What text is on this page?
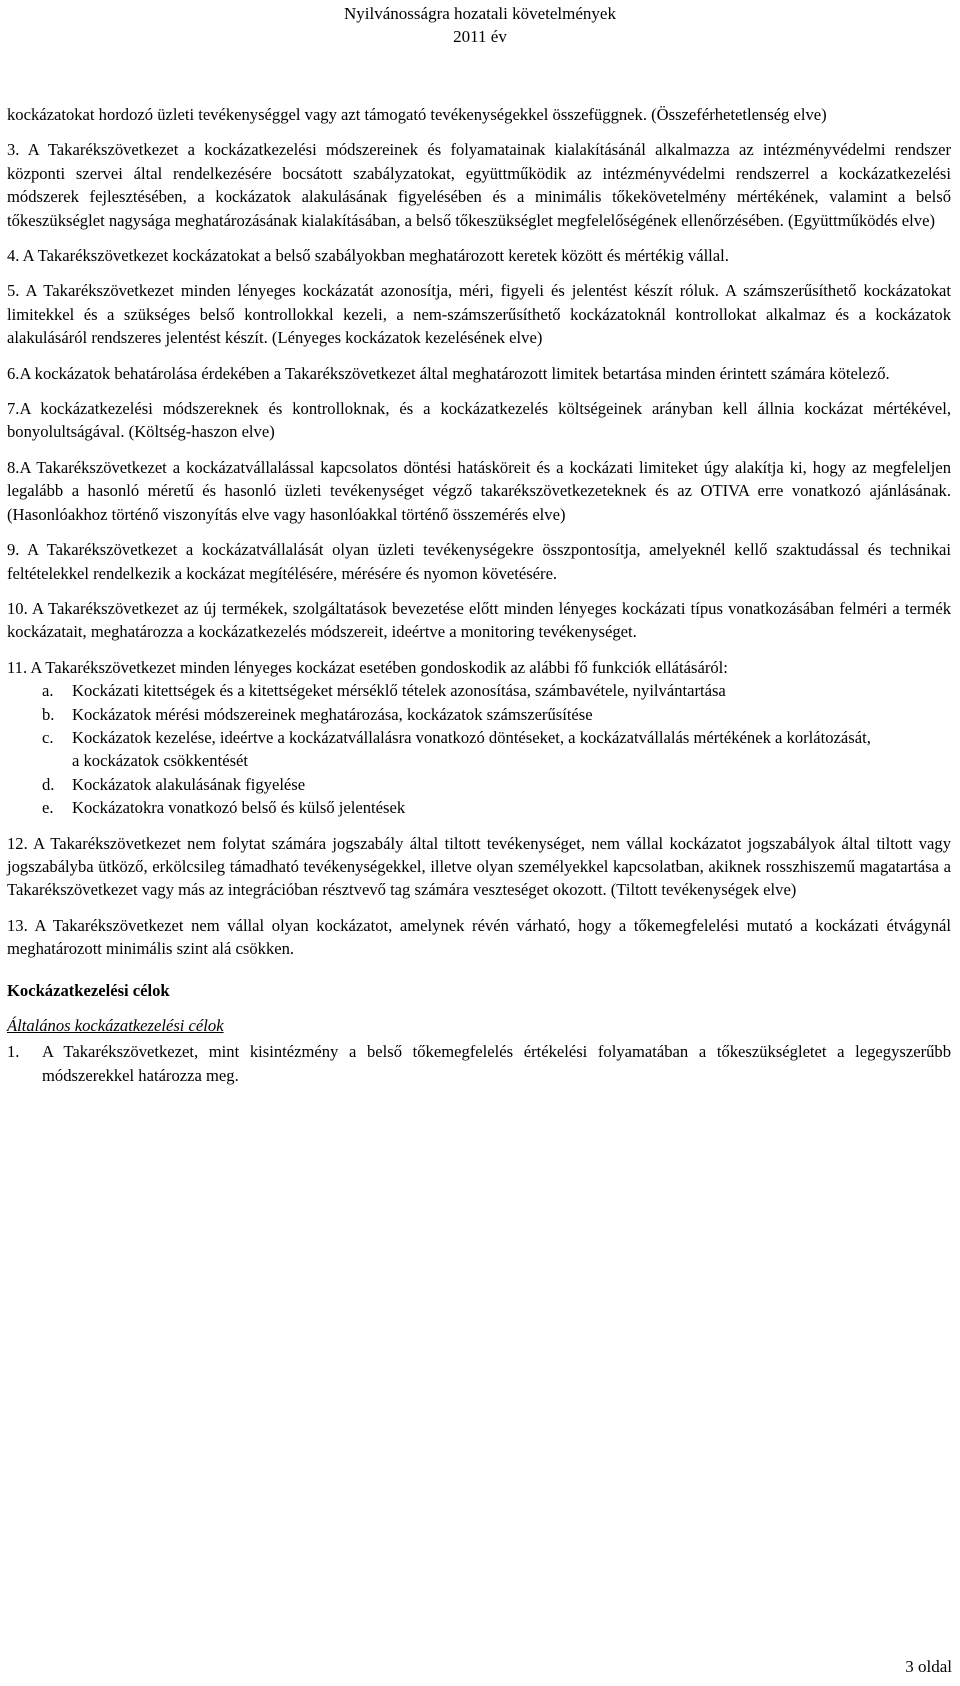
Nyilvánosságra hozatali követelmények
2011 év

kockázatokat hordozó üzleti tevékenységgel vagy azt támogató tevékenységekkel összefüggnek. (Összeférhetetlenség elve)

3. A Takarékszövetkezet a kockázatkezelési módszereinek és folyamatainak kialakításánál alkalmazza az intézményvédelmi rendszer központi szervei által rendelkezésére bocsátott szabályzatokat, együttműködik az intézményvédelmi rendszerrel a kockázatkezelési módszerek fejlesztésében, a kockázatok alakulásának figyelésében és a minimális tőkekövetelmény mértékének, valamint a belső tőkeszükséglet nagysága meghatározásának kialakításában, a belső tőkeszükséglet megfelelőségének ellenőrzésében. (Együttműködés elve)

4. A Takarékszövetkezet kockázatokat a belső szabályokban meghatározott keretek között és mértékig vállal.

5. A Takarékszövetkezet minden lényeges kockázatát azonosítja, méri, figyeli és jelentést készít róluk. A számszerűsíthető kockázatokat limitekkel és a szükséges belső kontrollokkal kezeli, a nem-számszerűsíthető kockázatoknál kontrollokat alkalmaz és a kockázatok alakulásáról rendszeres jelentést készít. (Lényeges kockázatok kezelésének elve)

6.A kockázatok behatárolása érdekében a Takarékszövetkezet által meghatározott limitek betartása minden érintett számára kötelező.

7.A kockázatkezelési módszereknek és kontrolloknak, és a kockázatkezelés költségeinek arányban kell állnia kockázat mértékével, bonyolultságával. (Költség-haszon elve)

8.A Takarékszövetkezet a kockázatvállalással kapcsolatos döntési hatásköreit és a kockázati limiteket úgy alakítja ki, hogy az megfeleljen legalább a hasonló méretű és hasonló üzleti tevékenységet végző takarékszövetkezeteknek és az OTIVA erre vonatkozó ajánlásának. (Hasonlóakhoz történő viszonyítás elve vagy hasonlóakkal történő összemérés elve)

9. A Takarékszövetkezet a kockázatvállalását olyan üzleti tevékenységekre összpontosítja, amelyeknél kellő szaktudással és technikai feltételekkel rendelkezik a kockázat megítélésére, mérésére és nyomon követésére.

10. A Takarékszövetkezet az új termékek, szolgáltatások bevezetése előtt minden lényeges kockázati típus vonatkozásában felméri a termék kockázatait, meghatározza a kockázatkezelés módszereit, ideértve a monitoring tevékenységet.

11. A Takarékszövetkezet minden lényeges kockázat esetében gondoskodik az alábbi fő funkciók ellátásáról:

a.	Kockázati kitettségek és a kitettségeket mérséklő tételek azonosítása, számbavétele, nyilvántartása
b.	Kockázatok mérési módszereinek meghatározása, kockázatok számszerűsítése
c.	Kockázatok kezelése, ideértve a kockázatvállalásra vonatkozó döntéseket, a kockázatvállalás mértékének a korlátozását, a kockázatok csökkentését
d.	Kockázatok alakulásának figyelése
e.	Kockázatokra vonatkozó belső és külső jelentések

12. A Takarékszövetkezet nem folytat számára jogszabály által tiltott tevékenységet, nem vállal kockázatot jogszabályok által tiltott vagy jogszabályba ütköző, erkölcsileg támadható tevékenységekkel, illetve olyan személyekkel kapcsolatban, akiknek rosszhiszemű magatartása a Takarékszövetkezet vagy más az integrációban résztvevő tag számára veszteséget okozott. (Tiltott tevékenységek elve)

13. A Takarékszövetkezet nem vállal olyan kockázatot, amelynek révén várható, hogy a tőkemegfelelési mutató a kockázati étvágynál meghatározott minimális szint alá csökken.

Kockázatkezelési célok
Általános kockázatkezelési célok
1.	A Takarékszövetkezet, mint kisintézmény a belső tőkemegfelelés értékelési folyamatában a tőkeszükségletet a legegyszerűbb módszerekkel határozza meg.
3 oldal
